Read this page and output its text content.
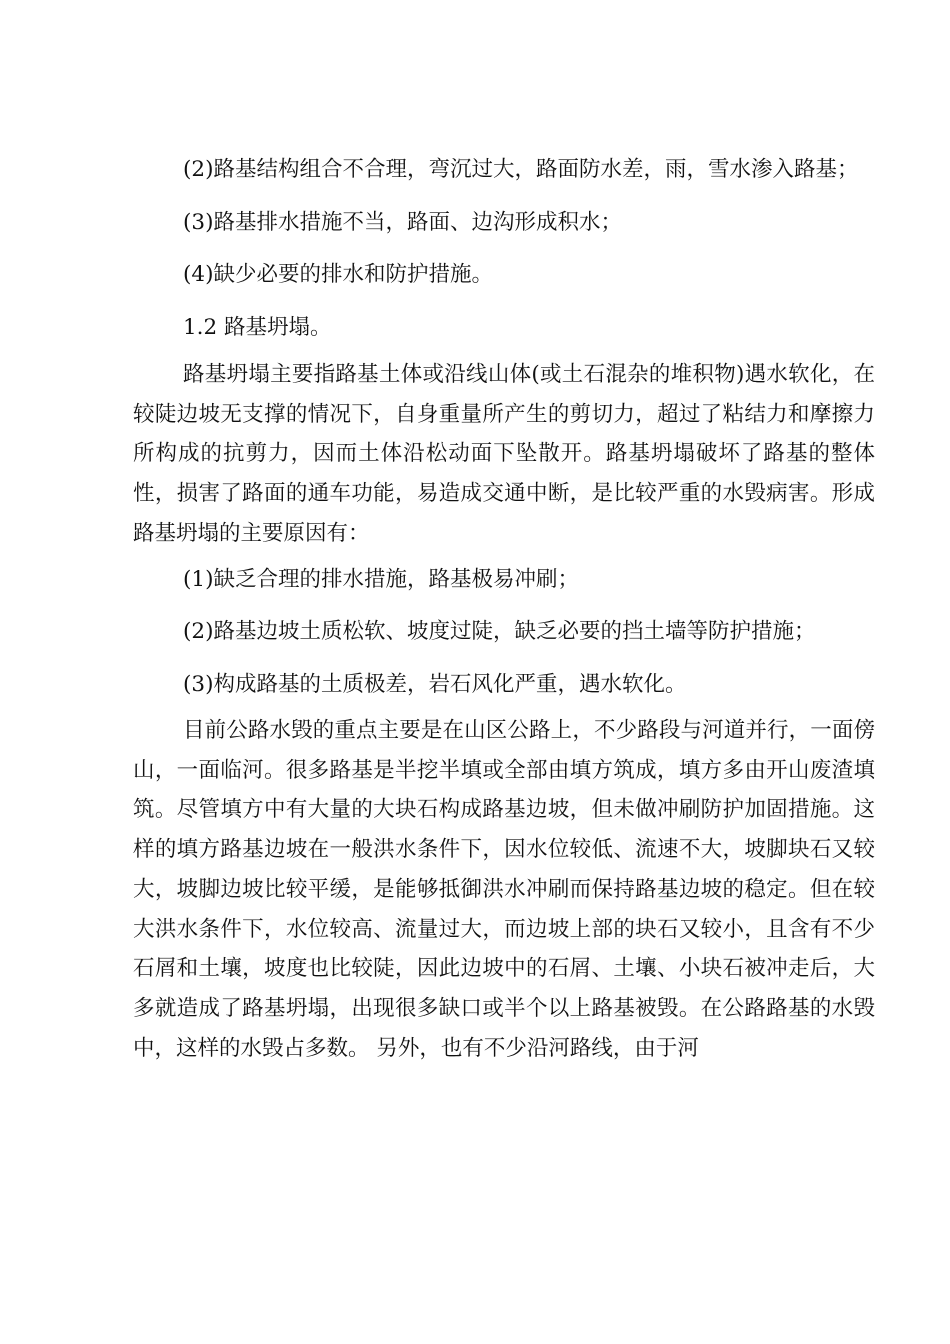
(2)路基结构组合不合理，弯沉过大，路面防水差，雨，雪水渗入路基；

(3)路基排水措施不当，路面、边沟形成积水；

(4)缺少必要的排水和防护措施。

1.2 路基坍塌。

路基坍塌主要指路基土体或沿线山体(或土石混杂的堆积物)遇水软化，在较陡边坡无支撑的情况下，自身重量所产生的剪切力，超过了粘结力和摩擦力所构成的抗剪力，因而土体沿松动面下坠散开。路基坍塌破坏了路基的整体性，损害了路面的通车功能，易造成交通中断，是比较严重的水毁病害。形成路基坍塌的主要原因有：

(1)缺乏合理的排水措施，路基极易冲刷；

(2)路基边坡土质松软、坡度过陡，缺乏必要的挡土墙等防护措施；

(3)构成路基的土质极差，岩石风化严重，遇水软化。

目前公路水毁的重点主要是在山区公路上，不少路段与河道并行，一面傍山，一面临河。很多路基是半挖半填或全部由填方筑成，填方多由开山废渣填筑。尽管填方中有大量的大块石构成路基边坡，但未做冲刷防护加固措施。这样的填方路基边坡在一般洪水条件下，因水位较低、流速不大，坡脚块石又较大，坡脚边坡比较平缓，是能够抵御洪水冲刷而保持路基边坡的稳定。但在较大洪水条件下，水位较高、流量过大，而边坡上部的块石又较小，且含有不少石屑和土壤，坡度也比较陡，因此边坡中的石屑、土壤、小块石被冲走后，大多就造成了路基坍塌，出现很多缺口或半个以上路基被毁。在公路路基的水毁中，这样的水毁占多数。 另外，也有不少沿河路线，由于河
